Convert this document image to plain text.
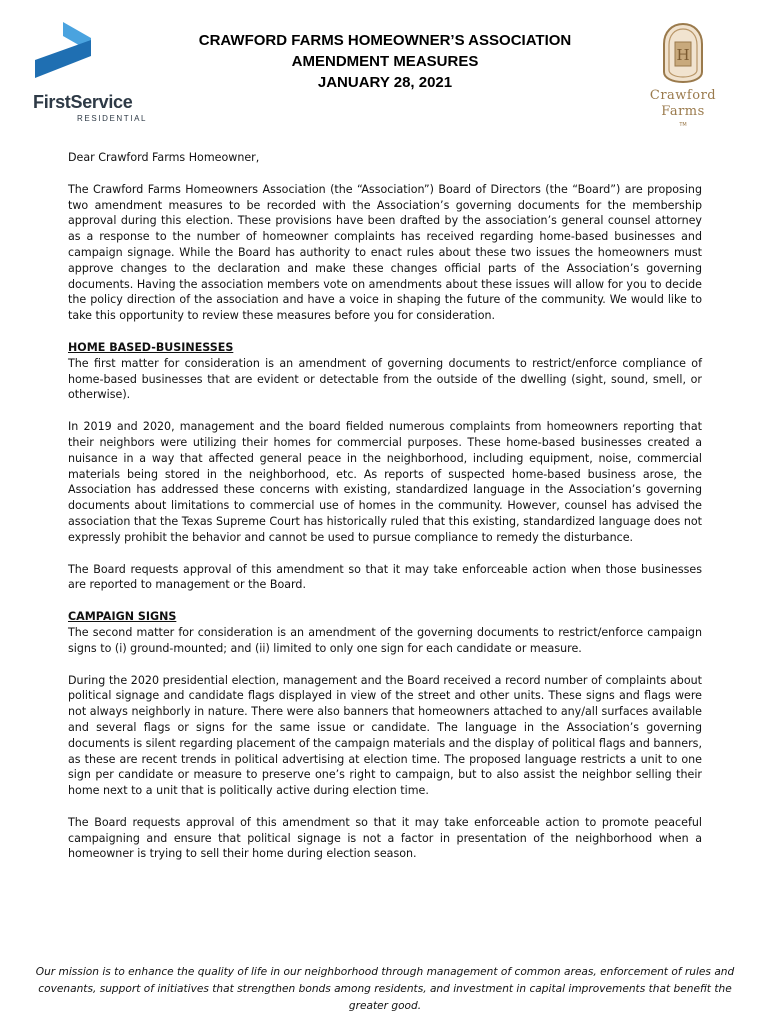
FirstService
RESIDENTIAL
CRAWFORD FARMS HOMEOWNER’S ASSOCIATION
AMENDMENT MEASURES
JANUARY 28, 2021
H
Crawford
Farms
TM

Dear Crawford Farms Homeowner,

The Crawford Farms Homeowners Association (the “Association”) Board of Directors (the “Board”) are proposing two amendment measures to be recorded with the Association’s governing documents for the membership approval during this election. These provisions have been drafted by the association’s general counsel attorney as a response to the number of homeowner complaints has received regarding home-based businesses and campaign signage. While the Board has authority to enact rules about these two issues the homeowners must approve changes to the declaration and make these changes official parts of the Association’s governing documents. Having the association members vote on amendments about these issues will allow for you to decide the policy direction of the association and have a voice in shaping the future of the community. We would like to take this opportunity to review these measures before you for consideration.

HOME BASED-BUSINESSES
The first matter for consideration is an amendment of governing documents to restrict/enforce compliance of home-based businesses that are evident or detectable from the outside of the dwelling (sight, sound, smell, or otherwise).

In 2019 and 2020, management and the board fielded numerous complaints from homeowners reporting that their neighbors were utilizing their homes for commercial purposes. These home-based businesses created a nuisance in a way that affected general peace in the neighborhood, including equipment, noise, commercial materials being stored in the neighborhood, etc. As reports of suspected home-based business arose, the Association has addressed these concerns with existing, standardized language in the Association’s governing documents about limitations to commercial use of homes in the community. However, counsel has advised the association that the Texas Supreme Court has historically ruled that this existing, standardized language does not expressly prohibit the behavior and cannot be used to pursue compliance to remedy the disturbance.

The Board requests approval of this amendment so that it may take enforceable action when those businesses are reported to management or the Board.

CAMPAIGN SIGNS
The second matter for consideration is an amendment of the governing documents to restrict/enforce campaign signs to (i) ground-mounted; and (ii) limited to only one sign for each candidate or measure.

During the 2020 presidential election, management and the Board received a record number of complaints about political signage and candidate flags displayed in view of the street and other units. These signs and flags were not always neighborly in nature. There were also banners that homeowners attached to any/all surfaces available and several flags or signs for the same issue or candidate. The language in the Association’s governing documents is silent regarding placement of the campaign materials and the display of political flags and banners, as these are recent trends in political advertising at election time. The proposed language restricts a unit to one sign per candidate or measure to preserve one’s right to campaign, but to also assist the neighbor selling their home next to a unit that is politically active during election time.

The Board requests approval of this amendment so that it may take enforceable action to promote peaceful campaigning and ensure that political signage is not a factor in presentation of the neighborhood when a homeowner is trying to sell their home during election season.

Our mission is to enhance the quality of life in our neighborhood through management of common areas, enforcement of rules and covenants, support of initiatives that strengthen bonds among residents, and investment in capital improvements that benefit the greater good.
